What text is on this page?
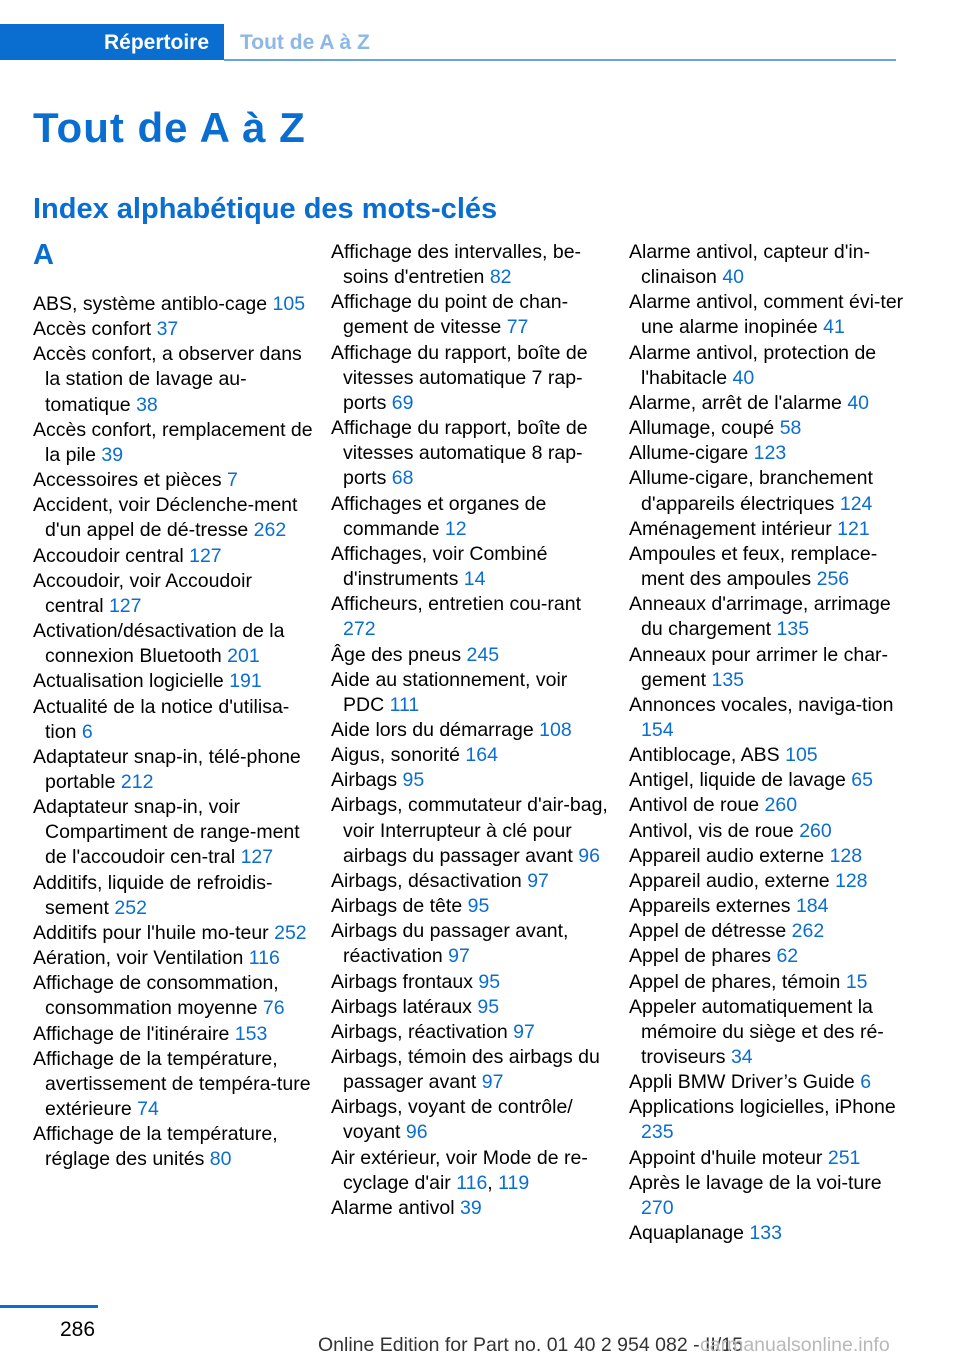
Répertoire Tout de A à Z
Tout de A à Z
Index alphabétique des mots-clés
A
ABS, système antiblo-cage 105
Accès confort 37
Accès confort, a observer dans la station de lavage au-tomatique 38
Accès confort, remplacement de la pile 39
Accessoires et pièces 7
Accident, voir Déclenche-ment d'un appel de dé-tresse 262
Accoudoir central 127
Accoudoir, voir Accoudoir central 127
Activation/désactivation de la connexion Bluetooth 201
Actualisation logicielle 191
Actualité de la notice d'utilisa-tion 6
Adaptateur snap-in, télé-phone portable 212
Adaptateur snap-in, voir Compartiment de range-ment de l'accoudoir cen-tral 127
Additifs, liquide de refroidis-sement 252
Additifs pour l'huile mo-teur 252
Aération, voir Ventilation 116
Affichage de consommation, consommation moyenne 76
Affichage de l'itinéraire 153
Affichage de la température, avertissement de tempéra-ture extérieure 74
Affichage de la température, réglage des unités 80
Affichage des intervalles, be-soins d'entretien 82
Affichage du point de chan-gement de vitesse 77
Affichage du rapport, boîte de vitesses automatique 7 rap-ports 69
Affichage du rapport, boîte de vitesses automatique 8 rap-ports 68
Affichages et organes de commande 12
Affichages, voir Combiné d'instruments 14
Afficheurs, entretien cou-rant 272
Âge des pneus 245
Aide au stationnement, voir PDC 111
Aide lors du démarrage 108
Aigus, sonorité 164
Airbags 95
Airbags, commutateur d'air-bag, voir Interrupteur à clé pour airbags du passager avant 96
Airbags, désactivation 97
Airbags de tête 95
Airbags du passager avant, réactivation 97
Airbags frontaux 95
Airbags latéraux 95
Airbags, réactivation 97
Airbags, témoin des airbags du passager avant 97
Airbags, voyant de contrôle/ voyant 96
Air extérieur, voir Mode de re-cyclage d'air 116, 119
Alarme antivol 39
Alarme antivol, capteur d'in-clinaison 40
Alarme antivol, comment évi-ter une alarme inopinée 41
Alarme antivol, protection de l'habitacle 40
Alarme, arrêt de l'alarme 40
Allumage, coupé 58
Allume-cigare 123
Allume-cigare, branchement d'appareils électriques 124
Aménagement intérieur 121
Ampoules et feux, remplace-ment des ampoules 256
Anneaux d'arrimage, arrimage du chargement 135
Anneaux pour arrimer le char-gement 135
Annonces vocales, naviga-tion 154
Antiblocage, ABS 105
Antigel, liquide de lavage 65
Antivol de roue 260
Antivol, vis de roue 260
Appareil audio externe 128
Appareil audio, externe 128
Appareils externes 184
Appel de détresse 262
Appel de phares 62
Appel de phares, témoin 15
Appeler automatiquement la mémoire du siège et des ré-troviseurs 34
Appli BMW Driver’s Guide 6
Applications logicielles, iPhone 235
Appoint d'huile moteur 251
Après le lavage de la voi-ture 270
Aquaplanage 133
286
Online Edition for Part no. 01 40 2 954 082 - II/15
carmanualsonline.info
